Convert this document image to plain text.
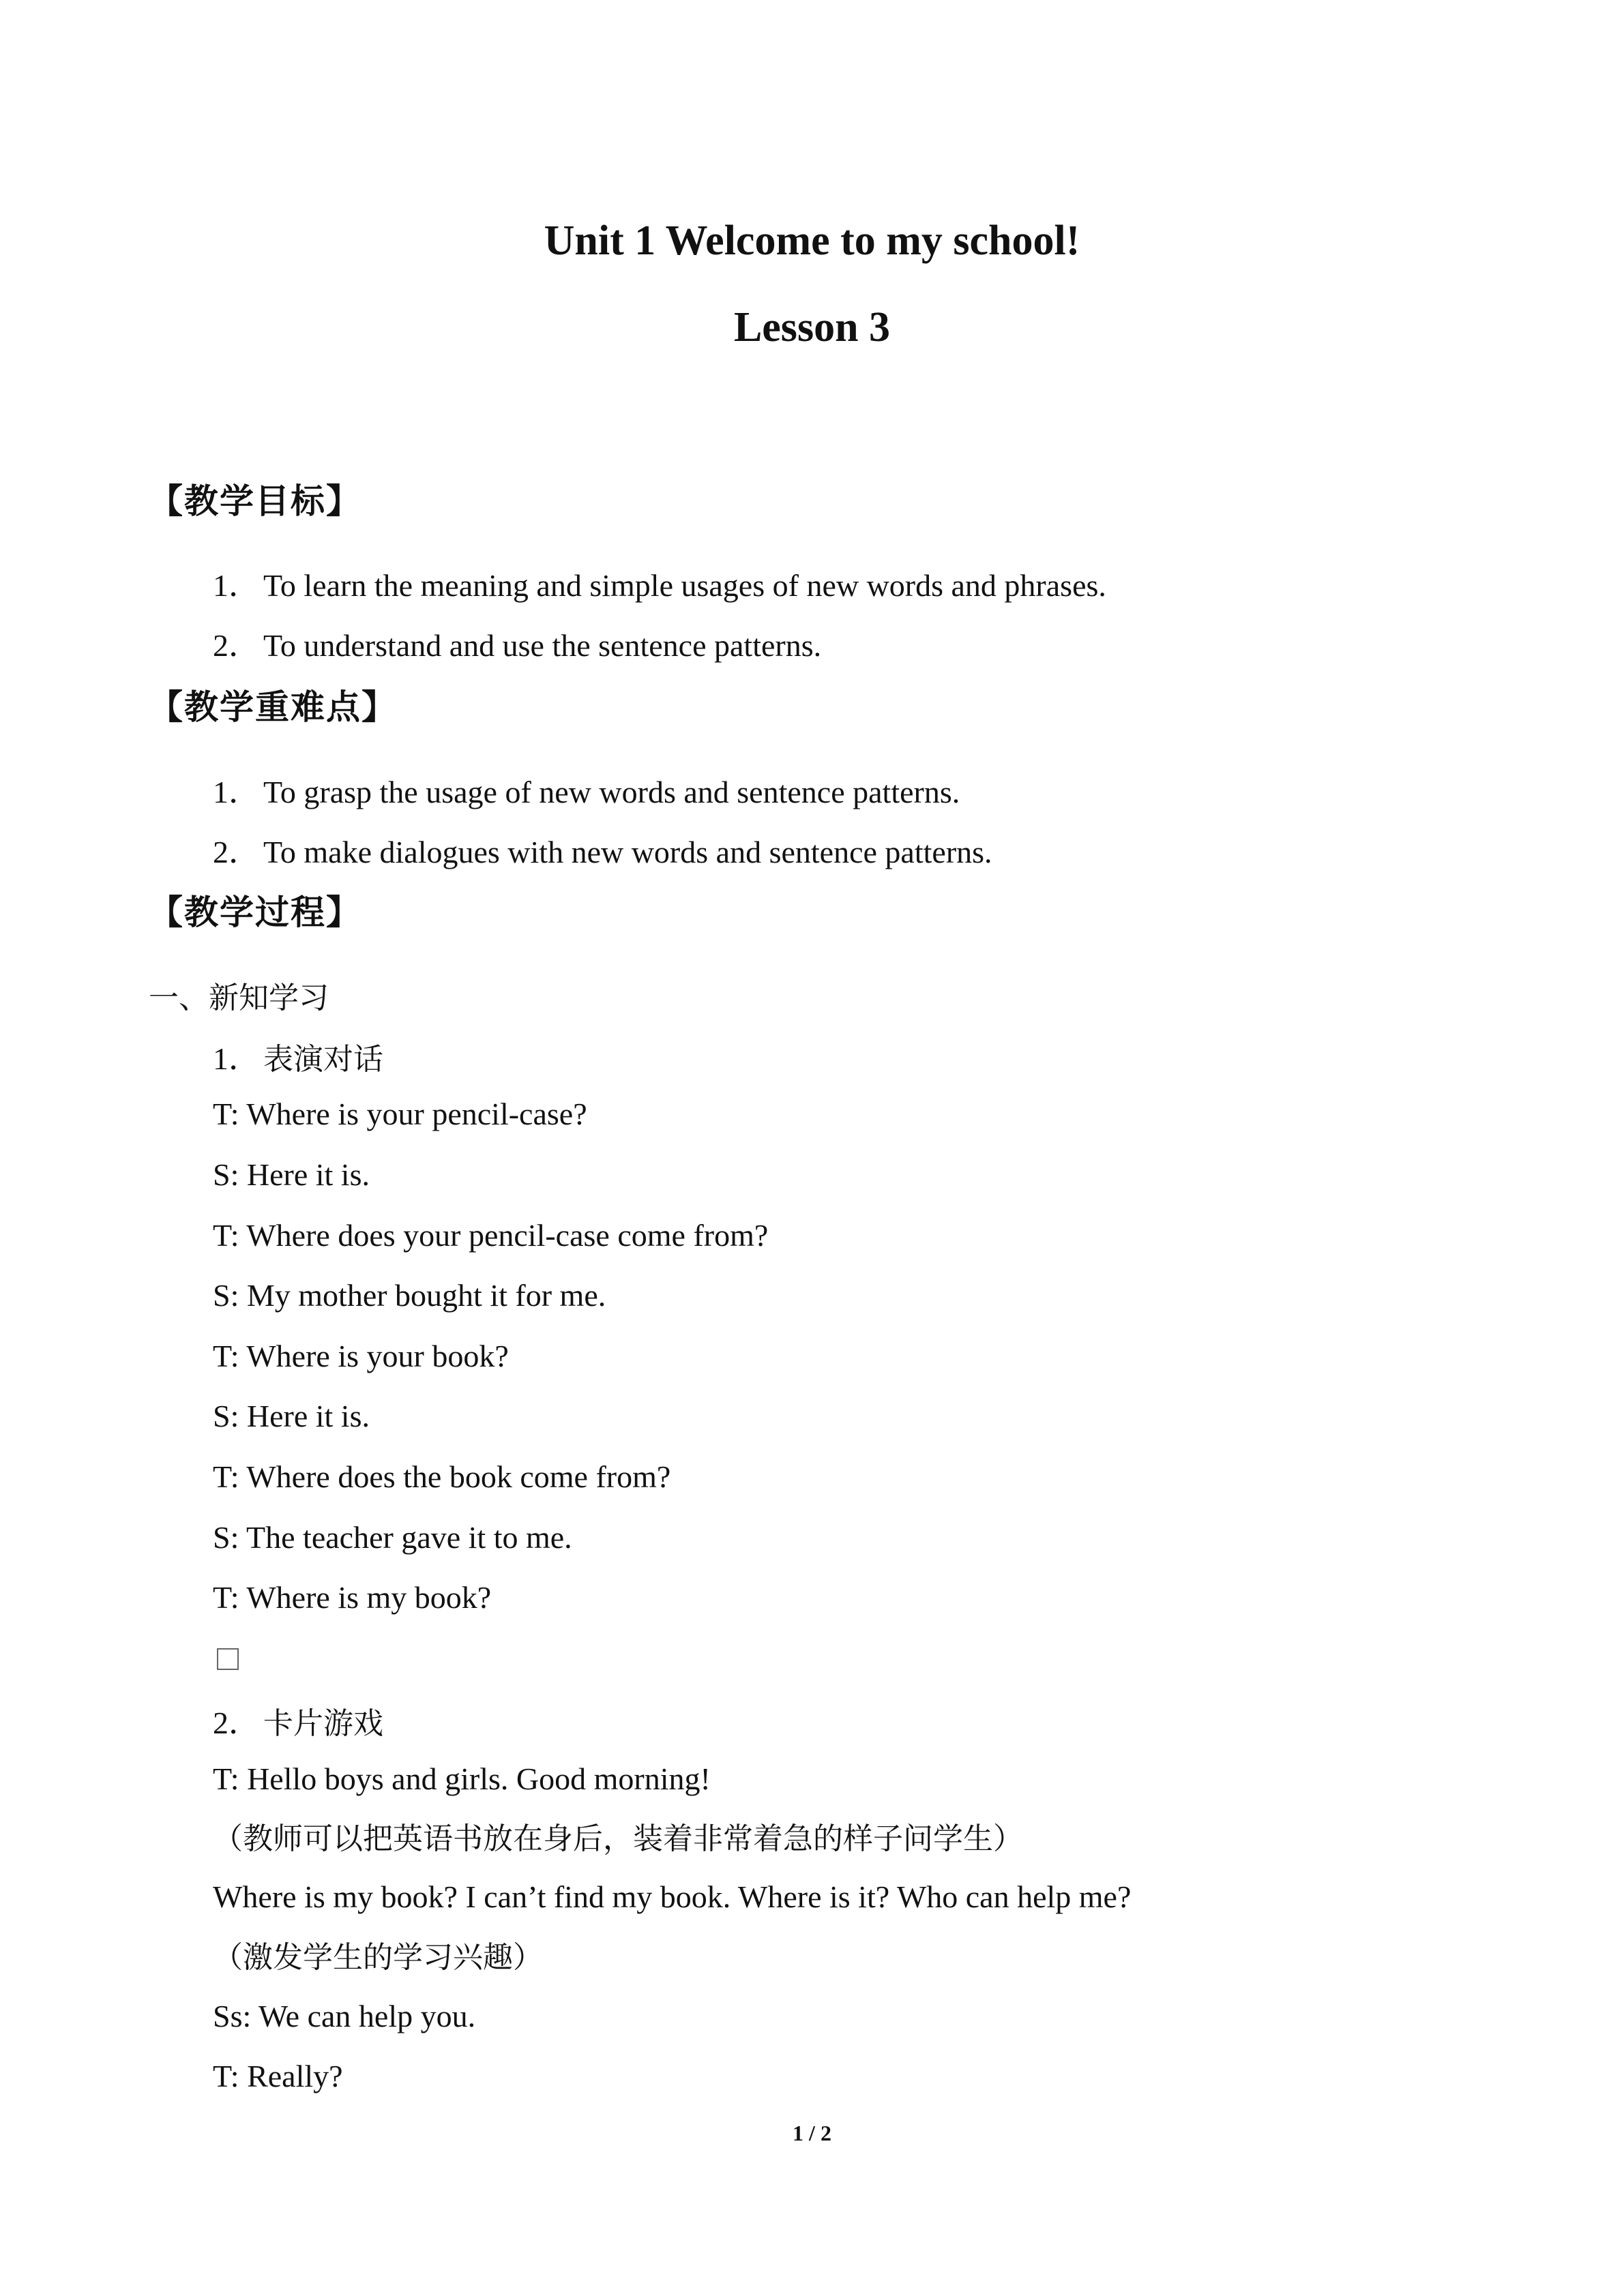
Unit 1 Welcome to my school!
Lesson 3
【教学目标】
1． To learn the meaning and simple usages of new words and phrases.
2． To understand and use the sentence patterns.
【教学重难点】
1． To grasp the usage of new words and sentence patterns.
2． To make dialogues with new words and sentence patterns.
【教学过程】
一、新知学习
1． 表演对话
T: Where is your pencil-case?
S: Here it is.
T: Where does your pencil-case come from?
S: My mother bought it for me.
T: Where is your book?
S: Here it is.
T: Where does the book come from?
S: The teacher gave it to me.
T: Where is my book?
2． 卡片游戏
T: Hello boys and girls. Good morning!
（教师可以把英语书放在身后，装着非常着急的样子问学生）
Where is my book? I can’t find my book. Where is it? Who can help me?
（激发学生的学习兴趣）
Ss: We can help you.
T: Really?
1 / 2
